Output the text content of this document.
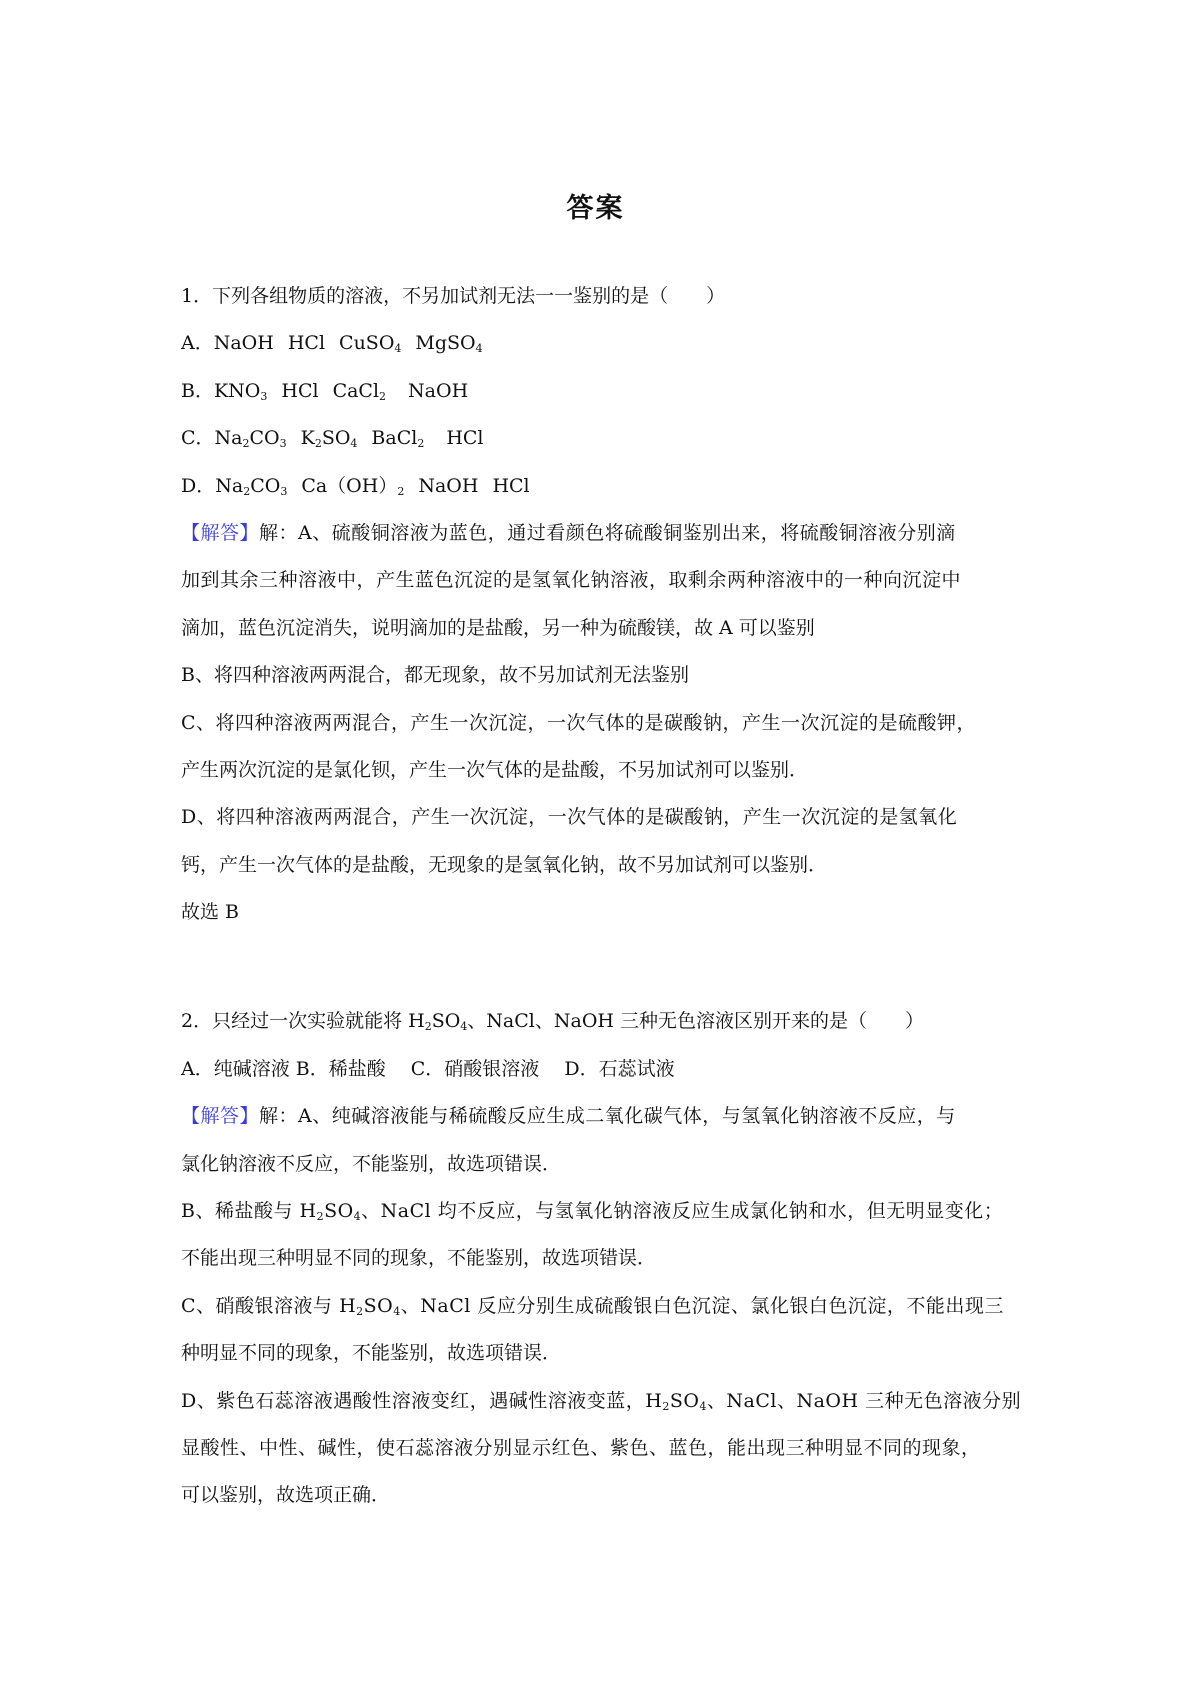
答案
1．下列各组物质的溶液，不另加试剂无法一一鉴别的是（　　）
A．NaOH HCl CuSO$_4$ MgSO$_4$
B．$KNO_3$ HCl CaCl$_2$ NaOH
C．$Na_2CO_3$ $K_2SO_4$ BaCl$_2$ HCl
D．$Na_2CO_3$ $Ca(OH)_2$ NaOH HCl
【解答】解：A、硫酸铜溶液为蓝色，通过看颜色将硫酸铜鉴别出来，将硫酸铜溶液分别滴
加到其余三种溶液中，产生蓝色沉淀的是氢氧化钠溶液，取剩余两种溶液中的一种向沉淀中
滴加，蓝色沉淀消失，说明滴加的是盐酸，另一种为硫酸镁，故 A 可以鉴别
B、将四种溶液两两混合，都无现象，故不另加试剂无法鉴别
C、将四种溶液两两混合，产生一次沉淀，一次气体的是碳酸钠，产生一次沉淀的是硫酸钾，
产生两次沉淀的是氯化钡，产生一次气体的是盐酸，不另加试剂可以鉴别．
D、将四种溶液两两混合，产生一次沉淀，一次气体的是碳酸钠，产生一次沉淀的是氢氧化
钙，产生一次气体的是盐酸，无现象的是氢氧化钠，故不另加试剂可以鉴别．
故选 B
2．只经过一次实验就能将 $H_2SO_4$、NaCl、NaOH 三种无色溶液区别开来的是（　　）
A．纯碱溶液 B．稀盐酸　 C．硝酸银溶液　 D．石蕊试液
【解答】解：A、纯碱溶液能与稀硫酸反应生成二氧化碳气体，与氢氧化钠溶液不反应，与
氯化钠溶液不反应，不能鉴别，故选项错误．
B、稀盐酸与 $H_2SO_4$、NaCl 均不反应，与氢氧化钠溶液反应生成氯化钠和水，但无明显变化；
不能出现三种明显不同的现象，不能鉴别，故选项错误．
C、硝酸银溶液与 $H_2SO_4$、NaCl 反应分别生成硫酸银白色沉淀、氯化银白色沉淀，不能出现三
种明显不同的现象，不能鉴别，故选项错误．
D、紫色石蕊溶液遇酸性溶液变红，遇碱性溶液变蓝，$H_2SO_4$、NaCl、NaOH 三种无色溶液分别
显酸性、中性、碱性，使石蕊溶液分别显示红色、紫色、蓝色，能出现三种明显不同的现象，
可以鉴别，故选项正确．
